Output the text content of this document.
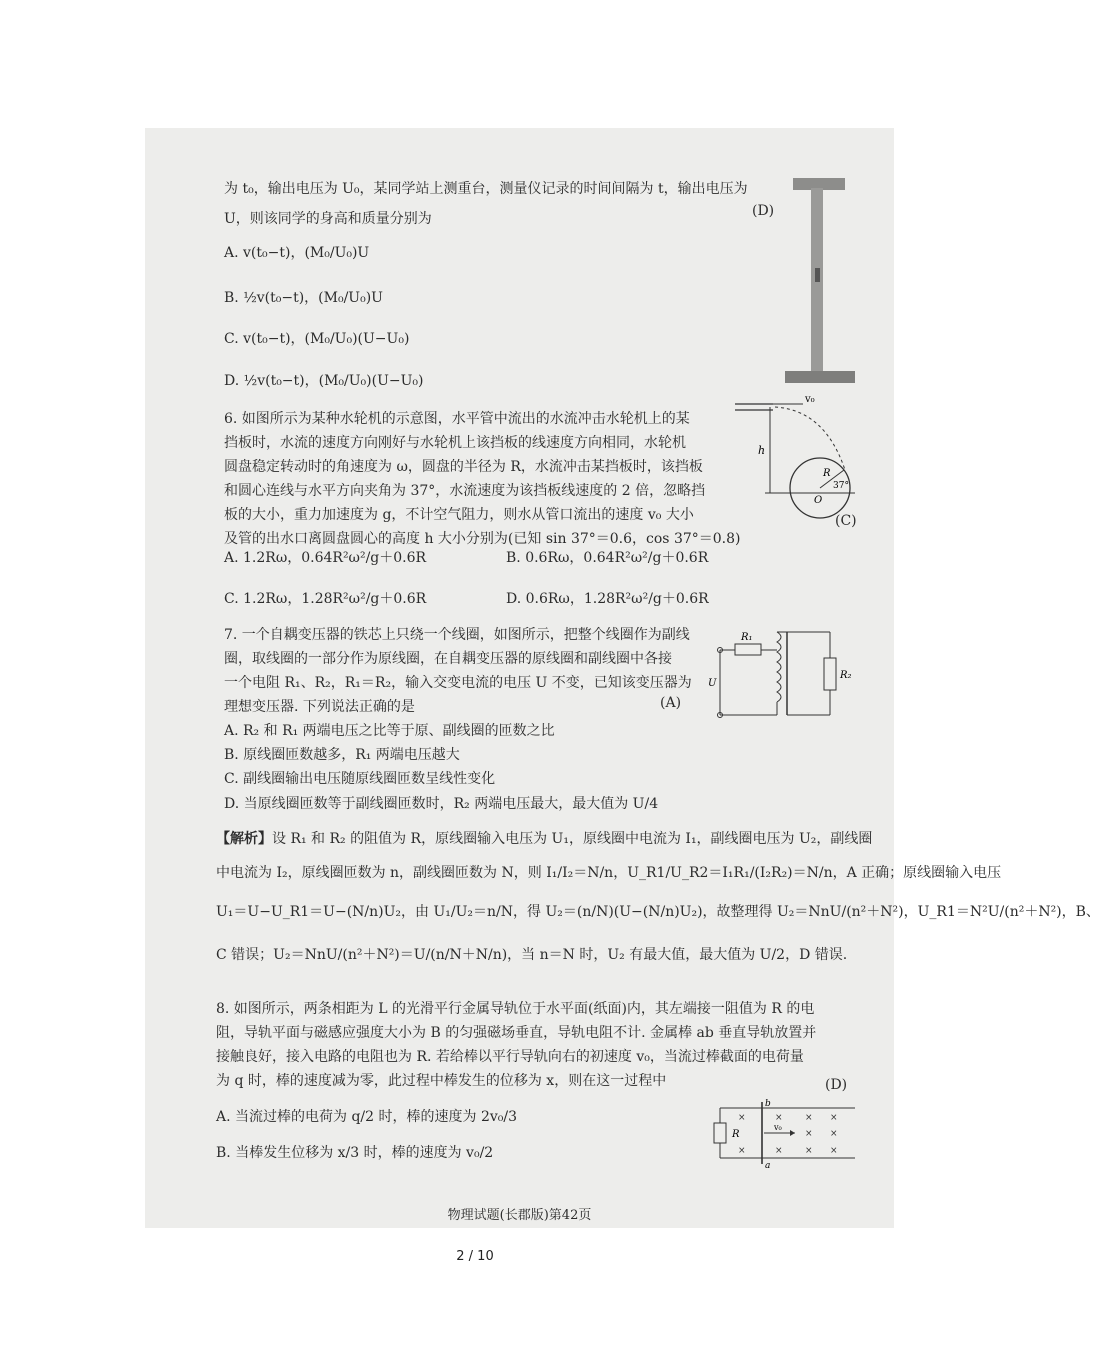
为 t₀，输出电压为 U₀，某同学站上测重台，测量仪记录的时间间隔为 t，输出电压为
U，则该同学的身高和质量分别为	(D)
A. v(t₀−t)，(M₀/U₀)U
B. ½v(t₀−t)，(M₀/U₀)U
C. v(t₀−t)，(M₀/U₀)(U−U₀)
D. ½v(t₀−t)，(M₀/U₀)(U−U₀)
6. 如图所示为某种水轮机的示意图，水平管中流出的水流冲击水轮机上的某
挡板时，水流的速度方向刚好与水轮机上该挡板的线速度方向相同，水轮机
圆盘稳定转动时的角速度为 ω，圆盘的半径为 R，水流冲击某挡板时，该挡板
和圆心连线与水平方向夹角为 37°，水流速度为该挡板线速度的 2 倍，忽略挡
板的大小，重力加速度为 g，不计空气阻力，则水从管口流出的速度 v₀ 大小
及管的出水口离圆盘圆心的高度 h 大小分别为(已知 sin 37°＝0.6，cos 37°＝0.8)
(C)
A. 1.2Rω，0.64R²ω²/g＋0.6R	B. 0.6Rω，0.64R²ω²/g＋0.6R
C. 1.2Rω，1.28R²ω²/g＋0.6R	D. 0.6Rω，1.28R²ω²/g＋0.6R
v₀
h
R
37°
O
7. 一个自耦变压器的铁芯上只绕一个线圈，如图所示，把整个线圈作为副线
圈，取线圈的一部分作为原线圈，在自耦变压器的原线圈和副线圈中各接
一个电阻 R₁、R₂，R₁＝R₂，输入交变电流的电压 U 不变，已知该变压器为
理想变压器. 下列说法正确的是	(A)
A. R₂ 和 R₁ 两端电压之比等于原、副线圈的匝数之比
B. 原线圈匝数越多，R₁ 两端电压越大
C. 副线圈输出电压随原线圈匝数呈线性变化
D. 当原线圈匝数等于副线圈匝数时，R₂ 两端电压最大，最大值为 U/4
R₁
R₂
U
【解析】 设 R₁ 和 R₂ 的阻值为 R，原线圈输入电压为 U₁，原线圈中电流为 I₁，副线圈电压为 U₂，副线圈
中电流为 I₂，原线圈匝数为 n，副线圈匝数为 N，则 I₁/I₂＝N/n，U_R1/U_R2＝I₁R₁/(I₂R₂)＝N/n，A 正确；原线圈输入电压
U₁＝U−U_R1＝U−(N/n)U₂，由 U₁/U₂＝n/N，得 U₂＝(n/N)(U−(N/n)U₂)，故整理得 U₂＝NnU/(n²＋N²)，U_R1＝N²U/(n²＋N²)，B、
C 错误；U₂＝NnU/(n²＋N²)＝U/(n/N＋N/n)，当 n＝N 时，U₂ 有最大值，最大值为 U/2，D 错误.
8. 如图所示，两条相距为 L 的光滑平行金属导轨位于水平面(纸面)内，其左端接一阻值为 R 的电
阻，导轨平面与磁感应强度大小为 B 的匀强磁场垂直，导轨电阻不计. 金属棒 ab 垂直导轨放置并
接触良好，接入电路的电阻也为 R. 若给棒以平行导轨向右的初速度 v₀，当流过棒截面的电荷量
为 q 时，棒的速度减为零，此过程中棒发生的位移为 x，则在这一过程中	(D)
A. 当流过棒的电荷为 q/2 时，棒的速度为 2v₀/3
B. 当棒发生位移为 x/3 时，棒的速度为 v₀/2
×	× × ×
×	× × ×
× ×
R
b
a
v₀
物理试题(长郡版)第42页
2 / 10
